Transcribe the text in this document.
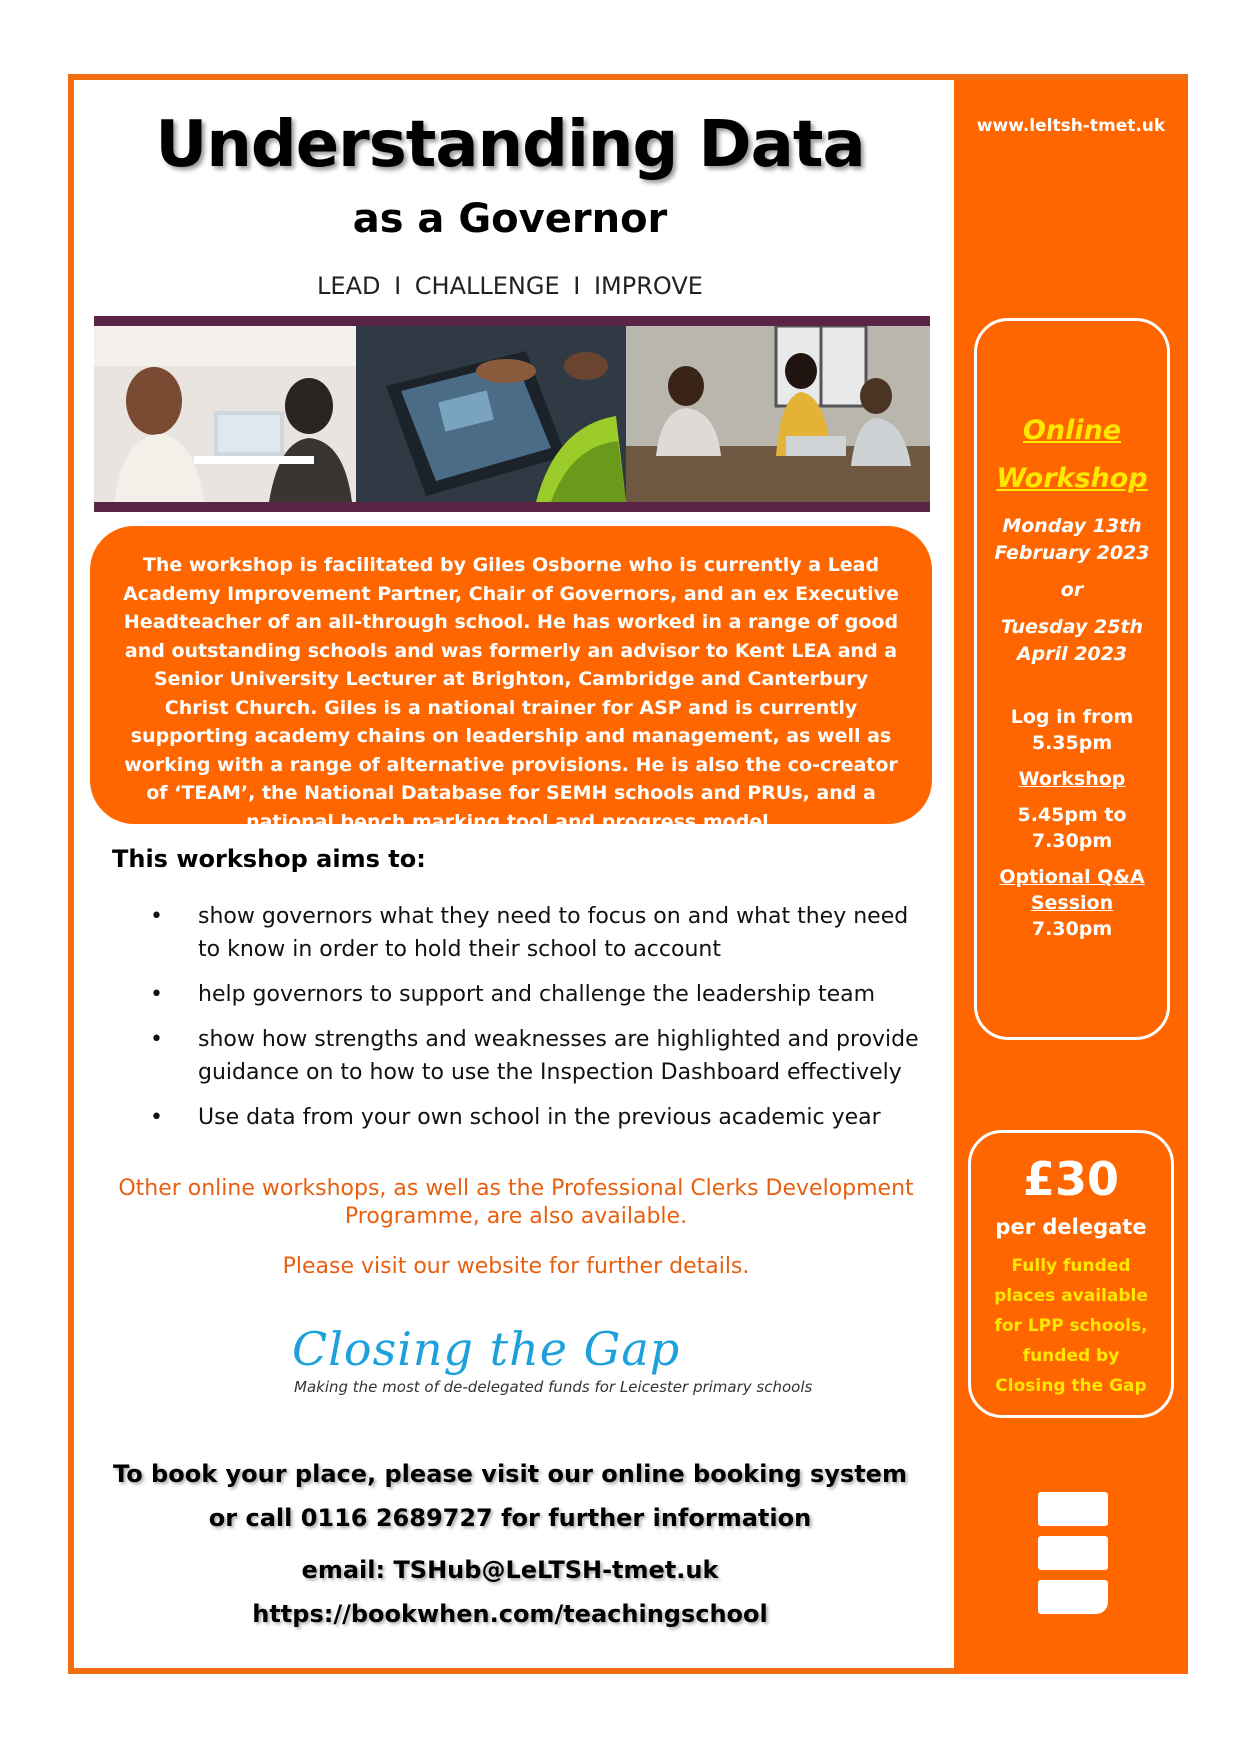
www.leltsh-tmet.uk
Online
Workshop
Monday 13th
February 2023
or
Tuesday 25th
April 2023
Log in from
5.35pm
Workshop
5.45pm to
7.30pm
Optional Q&A
Session
7.30pm
£30
per delegate
Fully funded
places available
for LPP schools,
funded by
Closing the Gap
Understanding Data
as a Governor
LEAD I CHALLENGE I IMPROVE
The workshop is facilitated by Giles Osborne who is currently a Lead Academy Improvement Partner, Chair of Governors, and an ex Executive Headteacher of an all-through school. He has worked in a range of good and outstanding schools and was formerly an advisor to Kent LEA and a Senior University Lecturer at Brighton, Cambridge and Canterbury Christ Church. Giles is a national trainer for ASP and is currently supporting academy chains on leadership and management, as well as working with a range of alternative provisions. He is also the co-creator of ‘TEAM’, the National Database for SEMH schools and PRUs, and a national bench marking tool and progress model.
This workshop aims to:
• show governors what they need to focus on and what they need to know in order to hold their school to account
• help governors to support and challenge the leadership team
• show how strengths and weaknesses are highlighted and provide guidance on to how to use the Inspection Dashboard effectively
• Use data from your own school in the previous academic year
Other online workshops, as well as the Professional Clerks Development Programme, are also available.
Please visit our website for further details.
Closing the Gap
Making the most of de-delegated funds for Leicester primary schools
To book your place, please visit our online booking system
or call 0116 2689727 for further information
email: TSHub@LeLTSH-tmet.uk
https://bookwhen.com/teachingschool
